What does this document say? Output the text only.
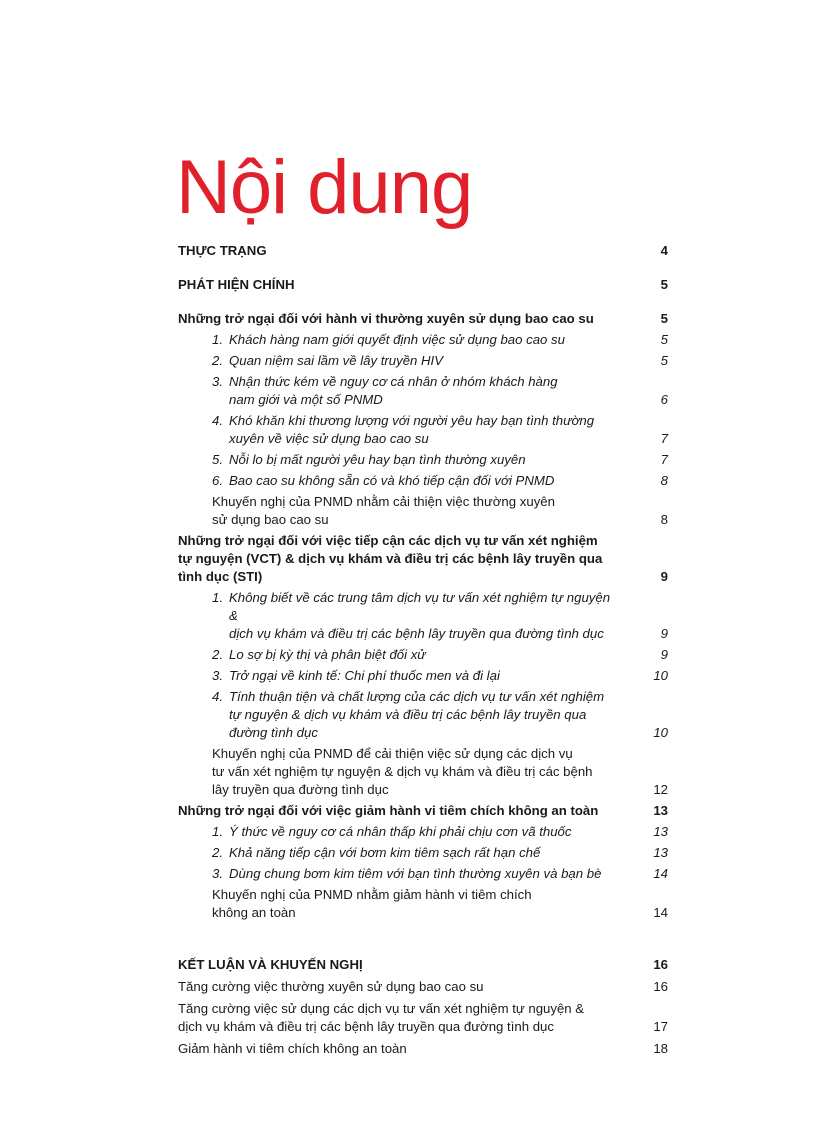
Nội dung
THỰC TRẠNG	4
PHÁT HIỆN CHÍNH	5
Những trở ngại đối với hành vi thường xuyên sử dụng bao cao su	5
1. Khách hàng nam giới quyết định việc sử dụng bao cao su	5
2. Quan niệm sai lầm về lây truyền HIV	5
3. Nhận thức kém về nguy cơ cá nhân ở nhóm khách hàng
nam giới và một số PNMD	6
4. Khó khăn khi thương lượng với người yêu hay bạn tình thường
xuyên về việc sử dụng bao cao su	7
5. Nỗi lo bị mất người yêu hay bạn tình thường xuyên	7
6. Bao cao su không sẵn có và khó tiếp cận đối với PNMD	8
Khuyến nghị của PNMD nhằm cải thiện việc thường xuyên
sử dụng bao cao su	8
Những trở ngại đối với việc tiếp cận các dịch vụ tư vấn xét nghiệm
tự nguyện (VCT) & dịch vụ khám và điều trị các bệnh lây truyền qua
tình dục (STI)	9
1. Không biết về các trung tâm dịch vụ tư vấn xét nghiệm tự nguyện &
dịch vụ khám và điều trị các bệnh lây truyền qua đường tình dục	9
2. Lo sợ bị kỳ thị và phân biệt đối xử	9
3. Trở ngại về kinh tế: Chi phí thuốc men và đi lại	10
4. Tính thuận tiện và chất lượng của các dịch vụ tư vấn xét nghiệm
tự nguyện & dịch vụ khám và điều trị các bệnh lây truyền qua
đường tình dục	10
Khuyến nghị của PNMD để cải thiện việc sử dụng các dịch vụ
tư vấn xét nghiệm tự nguyện & dịch vụ khám và điều trị các bệnh
lây truyền qua đường tình dục	12
Những trở ngại đối với việc giảm hành vi tiêm chích không an toàn	13
1. Ý thức về nguy cơ cá nhân thấp khi phải chịu cơn vã thuốc	13
2. Khả năng tiếp cận với bơm kim tiêm sạch rất hạn chế	13
3. Dùng chung bơm kim tiêm với bạn tình thường xuyên và bạn bè	14
Khuyến nghị của PNMD nhằm giảm hành vi tiêm chích
không an toàn	14
KẾT LUẬN VÀ KHUYẾN NGHỊ	16
Tăng cường việc thường xuyên sử dụng bao cao su	16
Tăng cường việc sử dụng các dịch vụ tư vấn xét nghiệm tự nguyện &
dịch vụ khám và điều trị các bệnh lây truyền qua đường tình dục	17
Giảm hành vi tiêm chích không an toàn	18
